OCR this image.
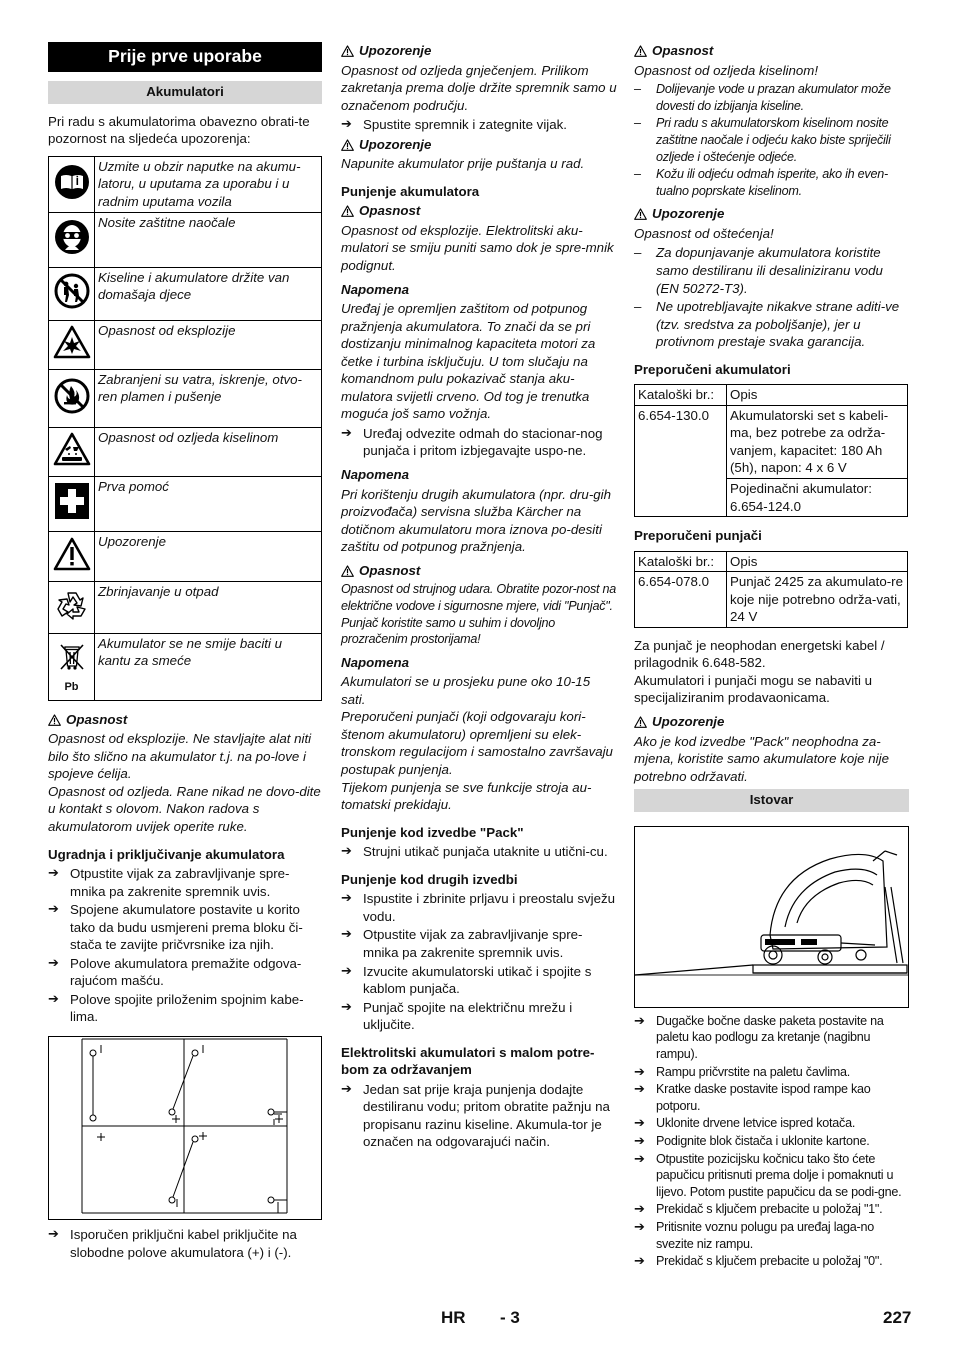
Prije prve uporabe
Akumulatori

Pri radu s akumulatorima obavezno obrati-te pozornost na sljedeća upozorenja:

	Uzmite u obzir naputke na akumu-latoru, u uputama za uporabu i u radnim uputama vozila
	Nosite zaštitne naočale
	Kiseline i akumulatore držite van domašaja djece
	Opasnost od eksplozije
	Zabranjeni su vatra, iskrenje, otvo-ren plamen i pušenje
	Opasnost od ozljeda kiselinom
	Prva pomoć
	Upozorenje
	Zbrinjavanje u otpad

Pb	Akumulator se ne smije baciti u kantu za smeće
Opasnost

Opasnost od eksplozije. Ne stavljajte alat niti bilo što slično na akumulator t.j. na po-love i spojeve ćelija.

Opasnost od ozljeda. Rane nikad ne dovo-dite u kontakt s olovom. Nakon radova s akumulatorom uvijek operite ruke.

Ugradnja i priključivanje akumulatora
➔ Otpustite vijak za zabravljivanje spre-mnika pa zakrenite spremnik uvis.
➔ Spojene akumulatore postavite u korito tako da budu usmjereni prema bloku či-stača te zavijte pričvrsnike iza njih.
➔ Polove akumulatora premažite odgova-rajućom mašću.
➔ Polove spojite priloženim spojnim kabe-lima.
➔ Isporučen priključni kabel priključite na slobodne polove akumulatora (+) i (-).
Upozorenje

Opasnost od ozljeda gnječenjem. Prilikom zakretanja prema dolje držite spremnik samo u označenom području.

➔ Spustite spremnik i zategnite vijak.
Upozorenje

Napunite akumulator prije puštanja u rad.

Punjenje akumulatora
Opasnost

Opasnost od eksplozije. Elektrolitski aku-mulatori se smiju puniti samo dok je spre-mnik podignut.

Napomena

Uređaj je opremljen zaštitom od potpunog pražnjenja akumulatora. To znači da se pri dostizanju minimalnog kapaciteta motori za četke i turbina isključuju. U tom slučaju na komandnom pulu pokazivač stanja aku-mulatora svijetli crveno. Od tog je trenutka moguća još samo vožnja.

➔ Uređaj odvezite odmah do stacionar-nog punjača i pritom izbjegavajte uspo-ne.
Napomena

Pri korištenju drugih akumulatora (npr. dru-gih proizvođača) servisna služba Kärcher na dotičnom akumulatoru mora iznova po-desiti zaštitu od potpunog pražnjenja.

Opasnost

Opasnost od strujnog udara. Obratite pozor-nost na električne vodove i sigurnosne mjere, vidi "Punjač". Punjač koristite samo u suhim i dovoljno prozračenim prostorijama!

Napomena

Akumulatori se u prosjeku pune oko 10-15 sati.

Preporučeni punjači (koji odgovaraju kori-štenom akumulatoru) opremljeni su elek-tronskom regulacijom i samostalno završavaju postupak punjenja.

Tijekom punjenja se sve funkcije stroja au-tomatski prekidaju.

Punjenje kod izvedbe "Pack"
➔ Strujni utikač punjača utaknite u utični-cu.
Punjenje kod drugih izvedbi
➔ Ispustite i zbrinite prljavu i preostalu svježu vodu.
➔ Otpustite vijak za zabravljivanje spre-mnika pa zakrenite spremnik uvis.
➔ Izvucite akumulatorski utikač i spojite s kablom punjača.
➔ Punjač spojite na električnu mrežu i uključite.
Elektrolitski akumulatori s malom potre-bom za održavanjem
➔ Jedan sat prije kraja punjenja dodajte destiliranu vodu; pritom obratite pažnju na propisanu razinu kiseline. Akumula-tor je označen na odgovarajući način.
Opasnost

Opasnost od ozljeda kiselinom!

– Dolijevanje vode u prazan akumulator može dovesti do izbijanja kiseline.
– Pri radu s akumulatorskom kiselinom nosite zaštitne naočale i odjeću kako biste spriječili ozljede i oštećenje odjeće.
– Kožu ili odjeću odmah isperite, ako ih even-tualno poprskate kiselinom.
Upozorenje

Opasnost od oštećenja!

– Za dopunjavanje akumulatora koristite samo destiliranu ili desaliniziranu vodu (EN 50272-T3).
– Ne upotrebljavajte nikakve strane aditi-ve (tzv. sredstva za poboljšanje), jer u protivnom prestaje svaka garancija.
Preporučeni akumulatori
Kataloški br.:	Opis
6.654-130.0	Akumulatorski set s kabeli-ma, bez potrebe za održa-vanjem, kapacitet: 180 Ah (5h), napon: 4 x 6 V
	Pojedinačni akumulator: 6.654-124.0
Preporučeni punjači
Kataloški br.:	Opis
6.654-078.0	Punjač 2425 za akumulato-re koje nije potrebno održa-vati, 24 V

Za punjač je neophodan energetski kabel / prilagodnik 6.648-582.

Akumulatori i punjači mogu se nabaviti u specijaliziranim prodavaonicama.

Upozorenje

Ako je kod izvedbe "Pack" neophodna za-mjena, koristite samo akumulatore koje nije potrebno održavati.

Istovar
➔ Dugačke bočne daske paketa postavite na paletu kao podlogu za kretanje (nagibnu rampu).
➔ Rampu pričvrstite na paletu čavlima.
➔ Kratke daske postavite ispod rampe kao potporu.
➔ Uklonite drvene letvice ispred kotača.
➔ Podignite blok čistača i uklonite kartone.
➔ Otpustite pozicijsku kočnicu tako što ćete papučicu pritisnuti prema dolje i pomaknuti u lijevo. Potom pustite papučicu da se podi-gne.
➔ Prekidač s ključem prebacite u položaj "1".
➔ Pritisnite voznu polugu pa uređaj laga-no svezite niz rampu.
➔ Prekidač s ključem prebacite u položaj "0".
HR - 3	227
